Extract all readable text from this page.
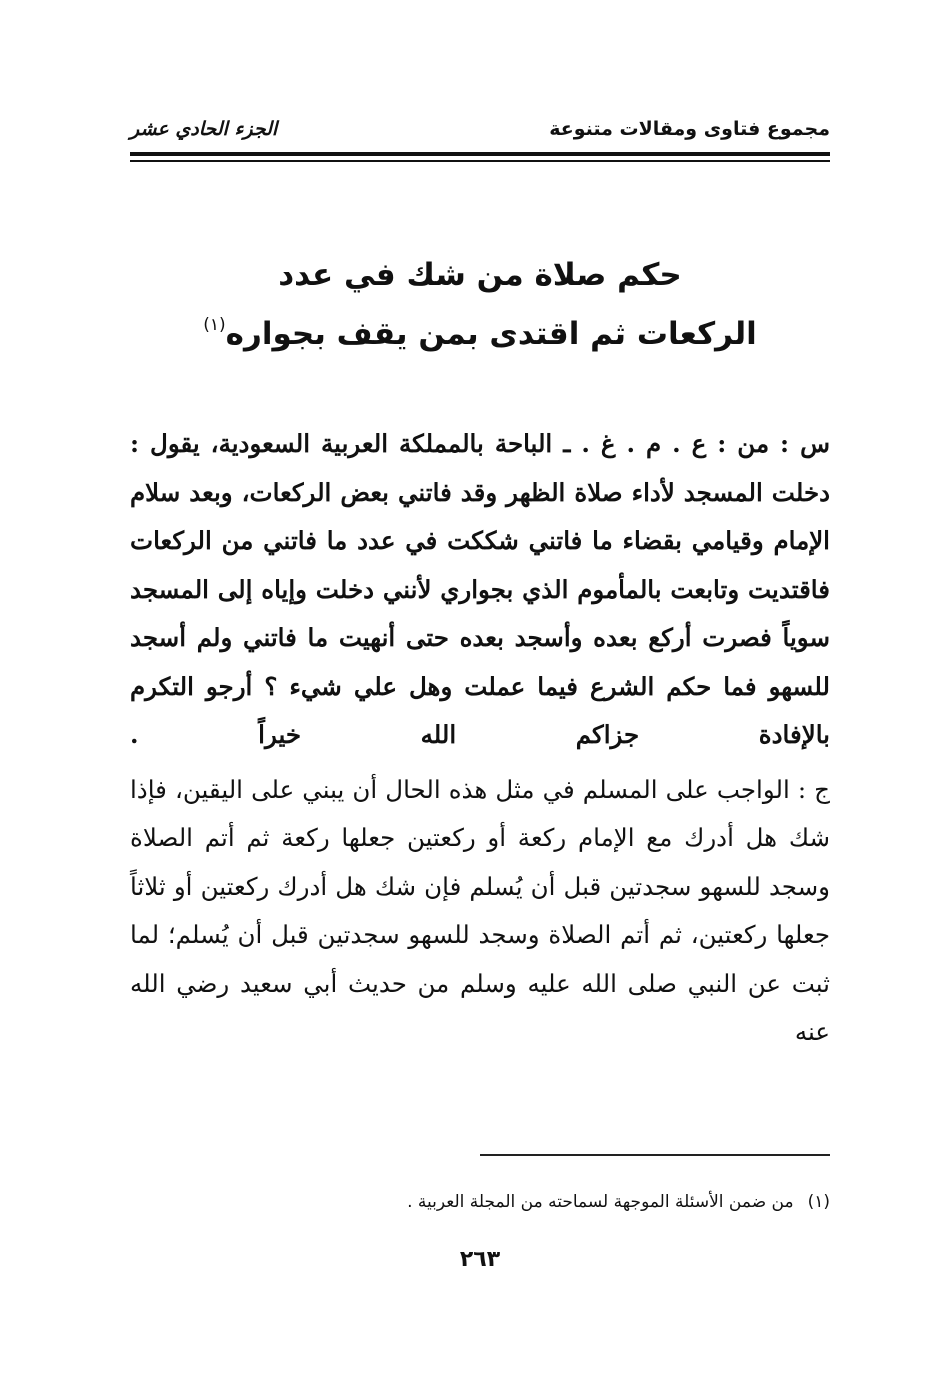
مجموع فتاوى ومقالات متنوعة
الجزء الحادي عشر
حكم صلاة من شك في عدد
الركعات ثم اقتدى بمن يقف بجواره$^{(١)}$

س : من : ع . م . غ . ـ الباحة بالمملكة العربية السعودية، يقول : دخلت المسجد لأداء صلاة الظهر وقد فاتني بعض الركعات، وبعد سلام الإمام وقيامي بقضاء ما فاتني شككت في عدد ما فاتني من الركعات فاقتديت وتابعت بالمأموم الذي بجواري لأنني دخلت وإياه إلى المسجد سوياً فصرت أركع بعده وأسجد بعده حتى أنهيت ما فاتني ولم أسجد للسهو فما حكم الشرع فيما عملت وهل علي شيء ؟ أرجو التكرم بالإفادة جزاكم الله خيراً .

ج : الواجب على المسلم في مثل هذه الحال أن يبني على اليقين، فإذا شك هل أدرك مع الإمام ركعة أو ركعتين جعلها ركعة ثم أتم الصلاة وسجد للسهو سجدتين قبل أن يُسلم فإن شك هل أدرك ركعتين أو ثلاثاً جعلها ركعتين، ثم أتم الصلاة وسجد للسهو سجدتين قبل أن يُسلم؛ لما ثبت عن النبي صلى الله عليه وسلم من حديث أبي سعيد رضي الله عنه

(١)من ضمن الأسئلة الموجهة لسماحته من المجلة العربية .
٢٦٣
